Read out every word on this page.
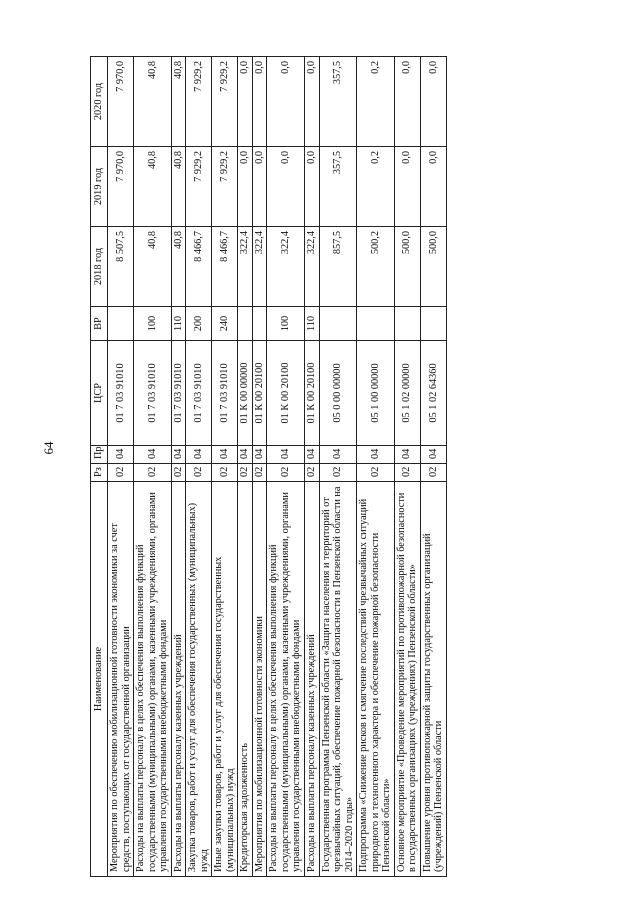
64
Наименование	Рз	Пр	ЦСР	ВР	2018 год	2019 год	2020 год
Мероприятия по обеспечению мобилизационной готовности экономики за счет средств, поступающих от государственной организации	02	04	01 7 03 91010		8 507,5	7 970,0	7 970,0
Расходы на выплаты персоналу в целях обеспечения выполнения функций государственными (муниципальными) органами, казенными учреждениями, органами управления государственными внебюджетными фондами	02	04	01 7 03 91010	100	40,8	40,8	40,8
Расходы на выплаты персоналу казенных учреждений	02	04	01 7 03 91010	110	40,8	40,8	40,8
Закупка товаров, работ и услуг для обеспечения государственных (муниципальных) нужд	02	04	01 7 03 91010	200	8 466,7	7 929,2	7 929,2
Иные закупки товаров, работ и услуг для обеспечения государственных (муниципальных) нужд	02	04	01 7 03 91010	240	8 466,7	7 929,2	7 929,2
Кредиторская задолженность	02	04	01 К 00 00000		322,4	0,0	0,0
Мероприятия по мобилизационной готовности экономики	02	04	01 К 00 20100		322,4	0,0	0,0
Расходы на выплаты персоналу в целях обеспечения выполнения функций государственными (муниципальными) органами, казенными учреждениями, органами управления государственными внебюджетными фондами	02	04	01 К 00 20100	100	322,4	0,0	0,0
Расходы на выплаты персоналу казенных учреждений	02	04	01 К 00 20100	110	322,4	0,0	0,0
Государственная программа Пензенской области «Защита населения и территорий от чрезвычайных ситуаций, обеспечение пожарной безопасности в Пензенской области на 2014–2020 годы»	02	04	05 0 00 00000		857,5	357,5	357,5
Подпрограмма «Снижение рисков и смягчение последствий чрезвычайных ситуаций природного и техногенного характера и обеспечение пожарной безопасности Пензенской области»	02	04	05 1 00 00000		500,2	0,2	0,2
Основное мероприятие «Проведение мероприятий по противопожарной безопасности в государственных организациях (учреждениях) Пензенской области»	02	04	05 1 02 00000		500,0	0,0	0,0
Повышение уровня противопожарной защиты государственных организаций (учреждений) Пензенской области	02	04	05 1 02 64360		500,0	0,0	0,0
